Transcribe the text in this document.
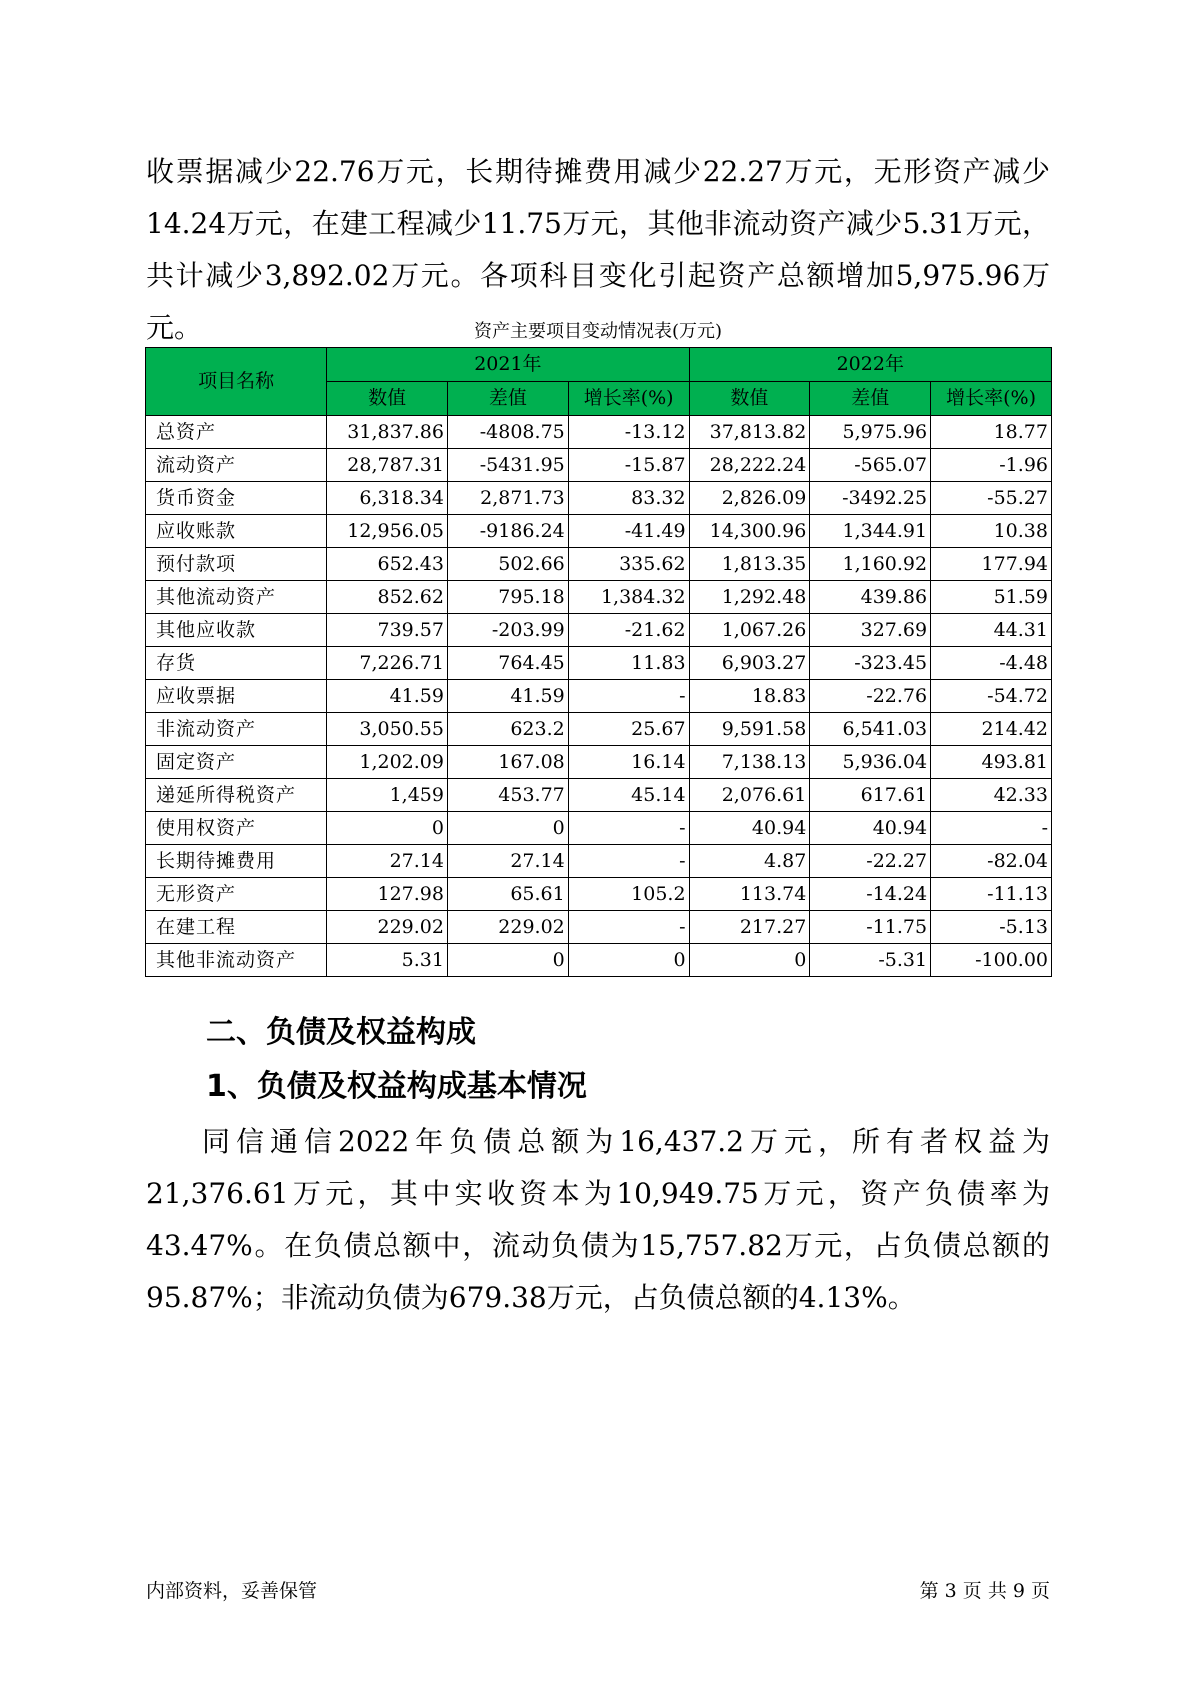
收票据减少22.76万元，长期待摊费用减少22.27万元，无形资产减少14.24万元，在建工程减少11.75万元，其他非流动资产减少5.31万元，共计减少3,892.02万元。各项科目变化引起资产总额增加5,975.96万元。	资产主要项目变动情况表(万元)
项目名称	2021年			2022年		
	数值	差值	增长率(%)	数值	差值	增长率(%)
总资产	31,837.86	-4808.75	-13.12	37,813.82	5,975.96	18.77
流动资产	28,787.31	-5431.95	-15.87	28,222.24	-565.07	-1.96
货币资金	6,318.34	2,871.73	83.32	2,826.09	-3492.25	-55.27
应收账款	12,956.05	-9186.24	-41.49	14,300.96	1,344.91	10.38
预付款项	652.43	502.66	335.62	1,813.35	1,160.92	177.94
其他流动资产	852.62	795.18	1,384.32	1,292.48	439.86	51.59
其他应收款	739.57	-203.99	-21.62	1,067.26	327.69	44.31
存货	7,226.71	764.45	11.83	6,903.27	-323.45	-4.48
应收票据	41.59	41.59	-	18.83	-22.76	-54.72
非流动资产	3,050.55	623.2	25.67	9,591.58	6,541.03	214.42
固定资产	1,202.09	167.08	16.14	7,138.13	5,936.04	493.81
递延所得税资产	1,459	453.77	45.14	2,076.61	617.61	42.33
使用权资产	0	0	-	40.94	40.94	-
长期待摊费用	27.14	27.14	-	4.87	-22.27	-82.04
无形资产	127.98	65.61	105.2	113.74	-14.24	-11.13
在建工程	229.02	229.02	-	217.27	-11.75	-5.13
其他非流动资产	5.31	0	0	0	-5.31	-100.00
二、负债及权益构成
1、负债及权益构成基本情况

同信通信2022年负债总额为16,437.2万元，所有者权益为21,376.61万元，其中实收资本为10,949.75万元，资产负债率为43.47%。在负债总额中，流动负债为15,757.82万元，占负债总额的95.87%；非流动负债为679.38万元，占负债总额的4.13%。

内部资料，妥善保管	第 3 页 共 9 页
